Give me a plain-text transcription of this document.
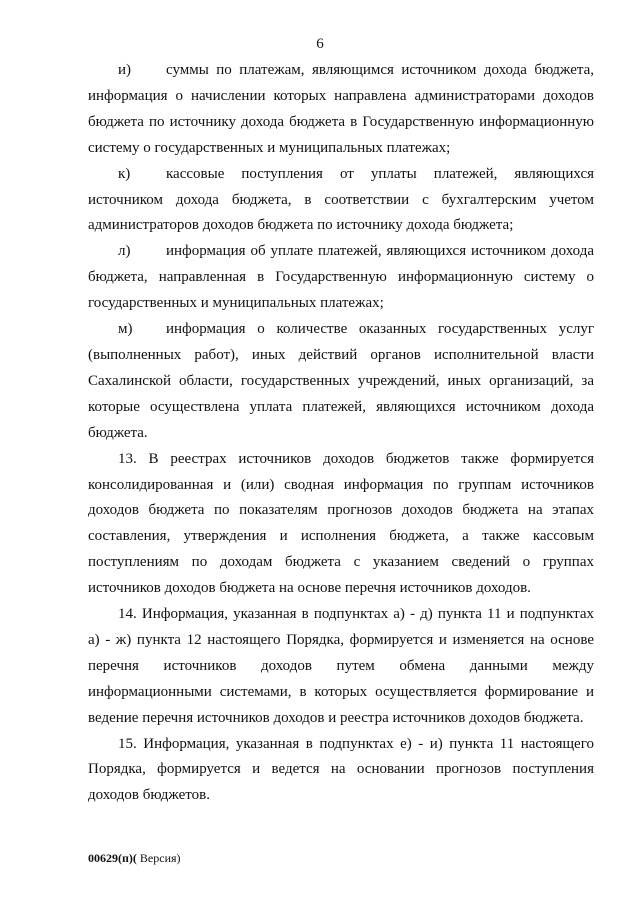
6

и) суммы по платежам, являющимся источником дохода бюджета, информация о начислении которых направлена администраторами доходов бюджета по источнику дохода бюджета в Государственную информационную систему о государственных и муниципальных платежах;

к) кассовые поступления от уплаты платежей, являющихся источником дохода бюджета, в соответствии с бухгалтерским учетом администраторов доходов бюджета по источнику дохода бюджета;

л) информация об уплате платежей, являющихся источником дохода бюджета, направленная в Государственную информационную систему о государственных и муниципальных платежах;

м) информация о количестве оказанных государственных услуг (выполненных работ), иных действий органов исполнительной власти Сахалинской области, государственных учреждений, иных организаций, за которые осуществлена уплата платежей, являющихся источником дохода бюджета.

13. В реестрах источников доходов бюджетов также формируется консолидированная и (или) сводная информация по группам источников доходов бюджета по показателям прогнозов доходов бюджета на этапах составления, утверждения и исполнения бюджета, а также кассовым поступлениям по доходам бюджета с указанием сведений о группах источников доходов бюджета на основе перечня источников доходов.

14. Информация, указанная в подпунктах а) - д) пункта 11 и подпунктах а) - ж) пункта 12 настоящего Порядка, формируется и изменяется на основе перечня источников доходов путем обмена данными между информационными системами, в которых осуществляется формирование и ведение перечня источников доходов и реестра источников доходов бюджета.

15. Информация, указанная в подпунктах е) - и) пункта 11 настоящего Порядка, формируется и ведется на основании прогнозов поступления доходов бюджетов.

00629(п)( Версия)
